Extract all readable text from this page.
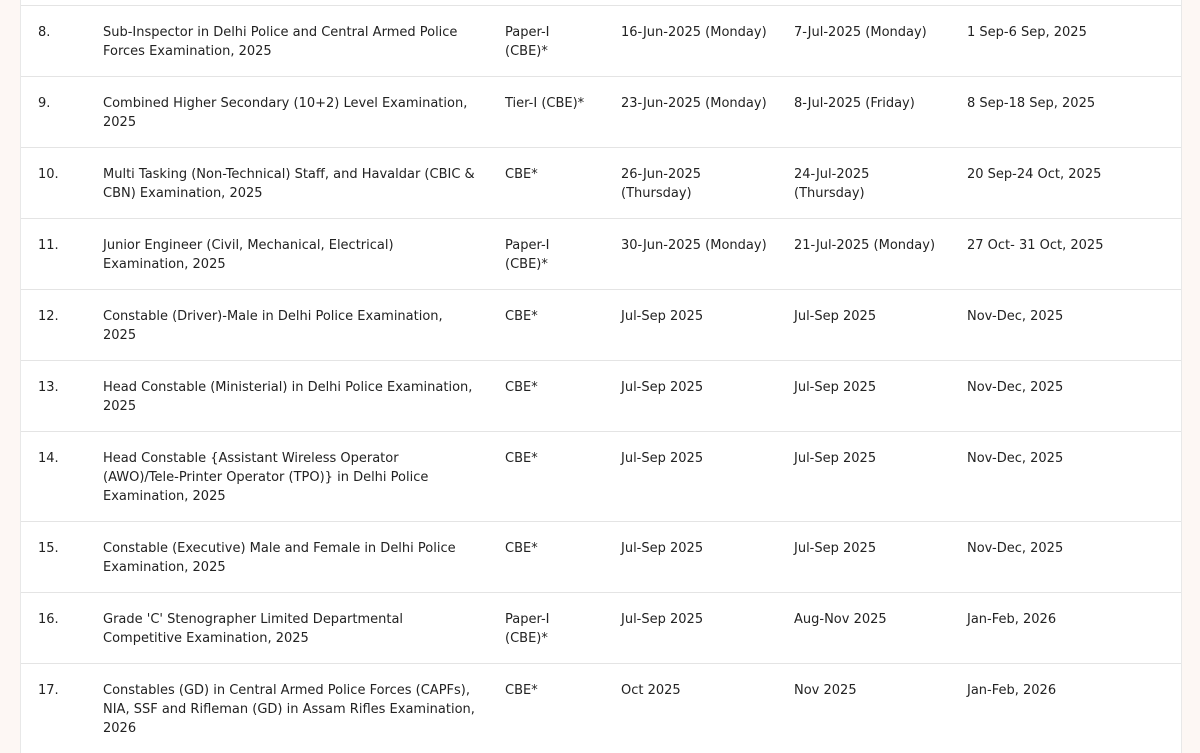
8.	Sub-Inspector in Delhi Police and Central Armed Police Forces Examination, 2025	Paper-I (CBE)*	16-Jun-2025 (Monday)	7-Jul-2025 (Monday)	1 Sep-6 Sep, 2025
9.	Combined Higher Secondary (10+2) Level Examination, 2025	Tier-I (CBE)*	23-Jun-2025 (Monday)	8-Jul-2025 (Friday)	8 Sep-18 Sep, 2025
10.	Multi Tasking (Non-Technical) Staff, and Havaldar (CBIC & CBN) Examination, 2025	CBE*	26-Jun-2025 (Thursday)	24-Jul-2025 (Thursday)	20 Sep-24 Oct, 2025
11.	Junior Engineer (Civil, Mechanical, Electrical) Examination, 2025	Paper-I (CBE)*	30-Jun-2025 (Monday)	21-Jul-2025 (Monday)	27 Oct- 31 Oct, 2025
12.	Constable (Driver)-Male in Delhi Police Examination, 2025	CBE*	Jul-Sep 2025	Jul-Sep 2025	Nov-Dec, 2025
13.	Head Constable (Ministerial) in Delhi Police Examination, 2025	CBE*	Jul-Sep 2025	Jul-Sep 2025	Nov-Dec, 2025
14.	Head Constable {Assistant Wireless Operator (AWO)/Tele-Printer Operator (TPO)} in Delhi Police Examination, 2025	CBE*	Jul-Sep 2025	Jul-Sep 2025	Nov-Dec, 2025
15.	Constable (Executive) Male and Female in Delhi Police Examination, 2025	CBE*	Jul-Sep 2025	Jul-Sep 2025	Nov-Dec, 2025
16.	Grade 'C' Stenographer Limited Departmental Competitive Examination, 2025	Paper-I (CBE)*	Jul-Sep 2025	Aug-Nov 2025	Jan-Feb, 2026
17.	Constables (GD) in Central Armed Police Forces (CAPFs), NIA, SSF and Rifleman (GD) in Assam Rifles Examination, 2026	CBE*	Oct 2025	Nov 2025	Jan-Feb, 2026
